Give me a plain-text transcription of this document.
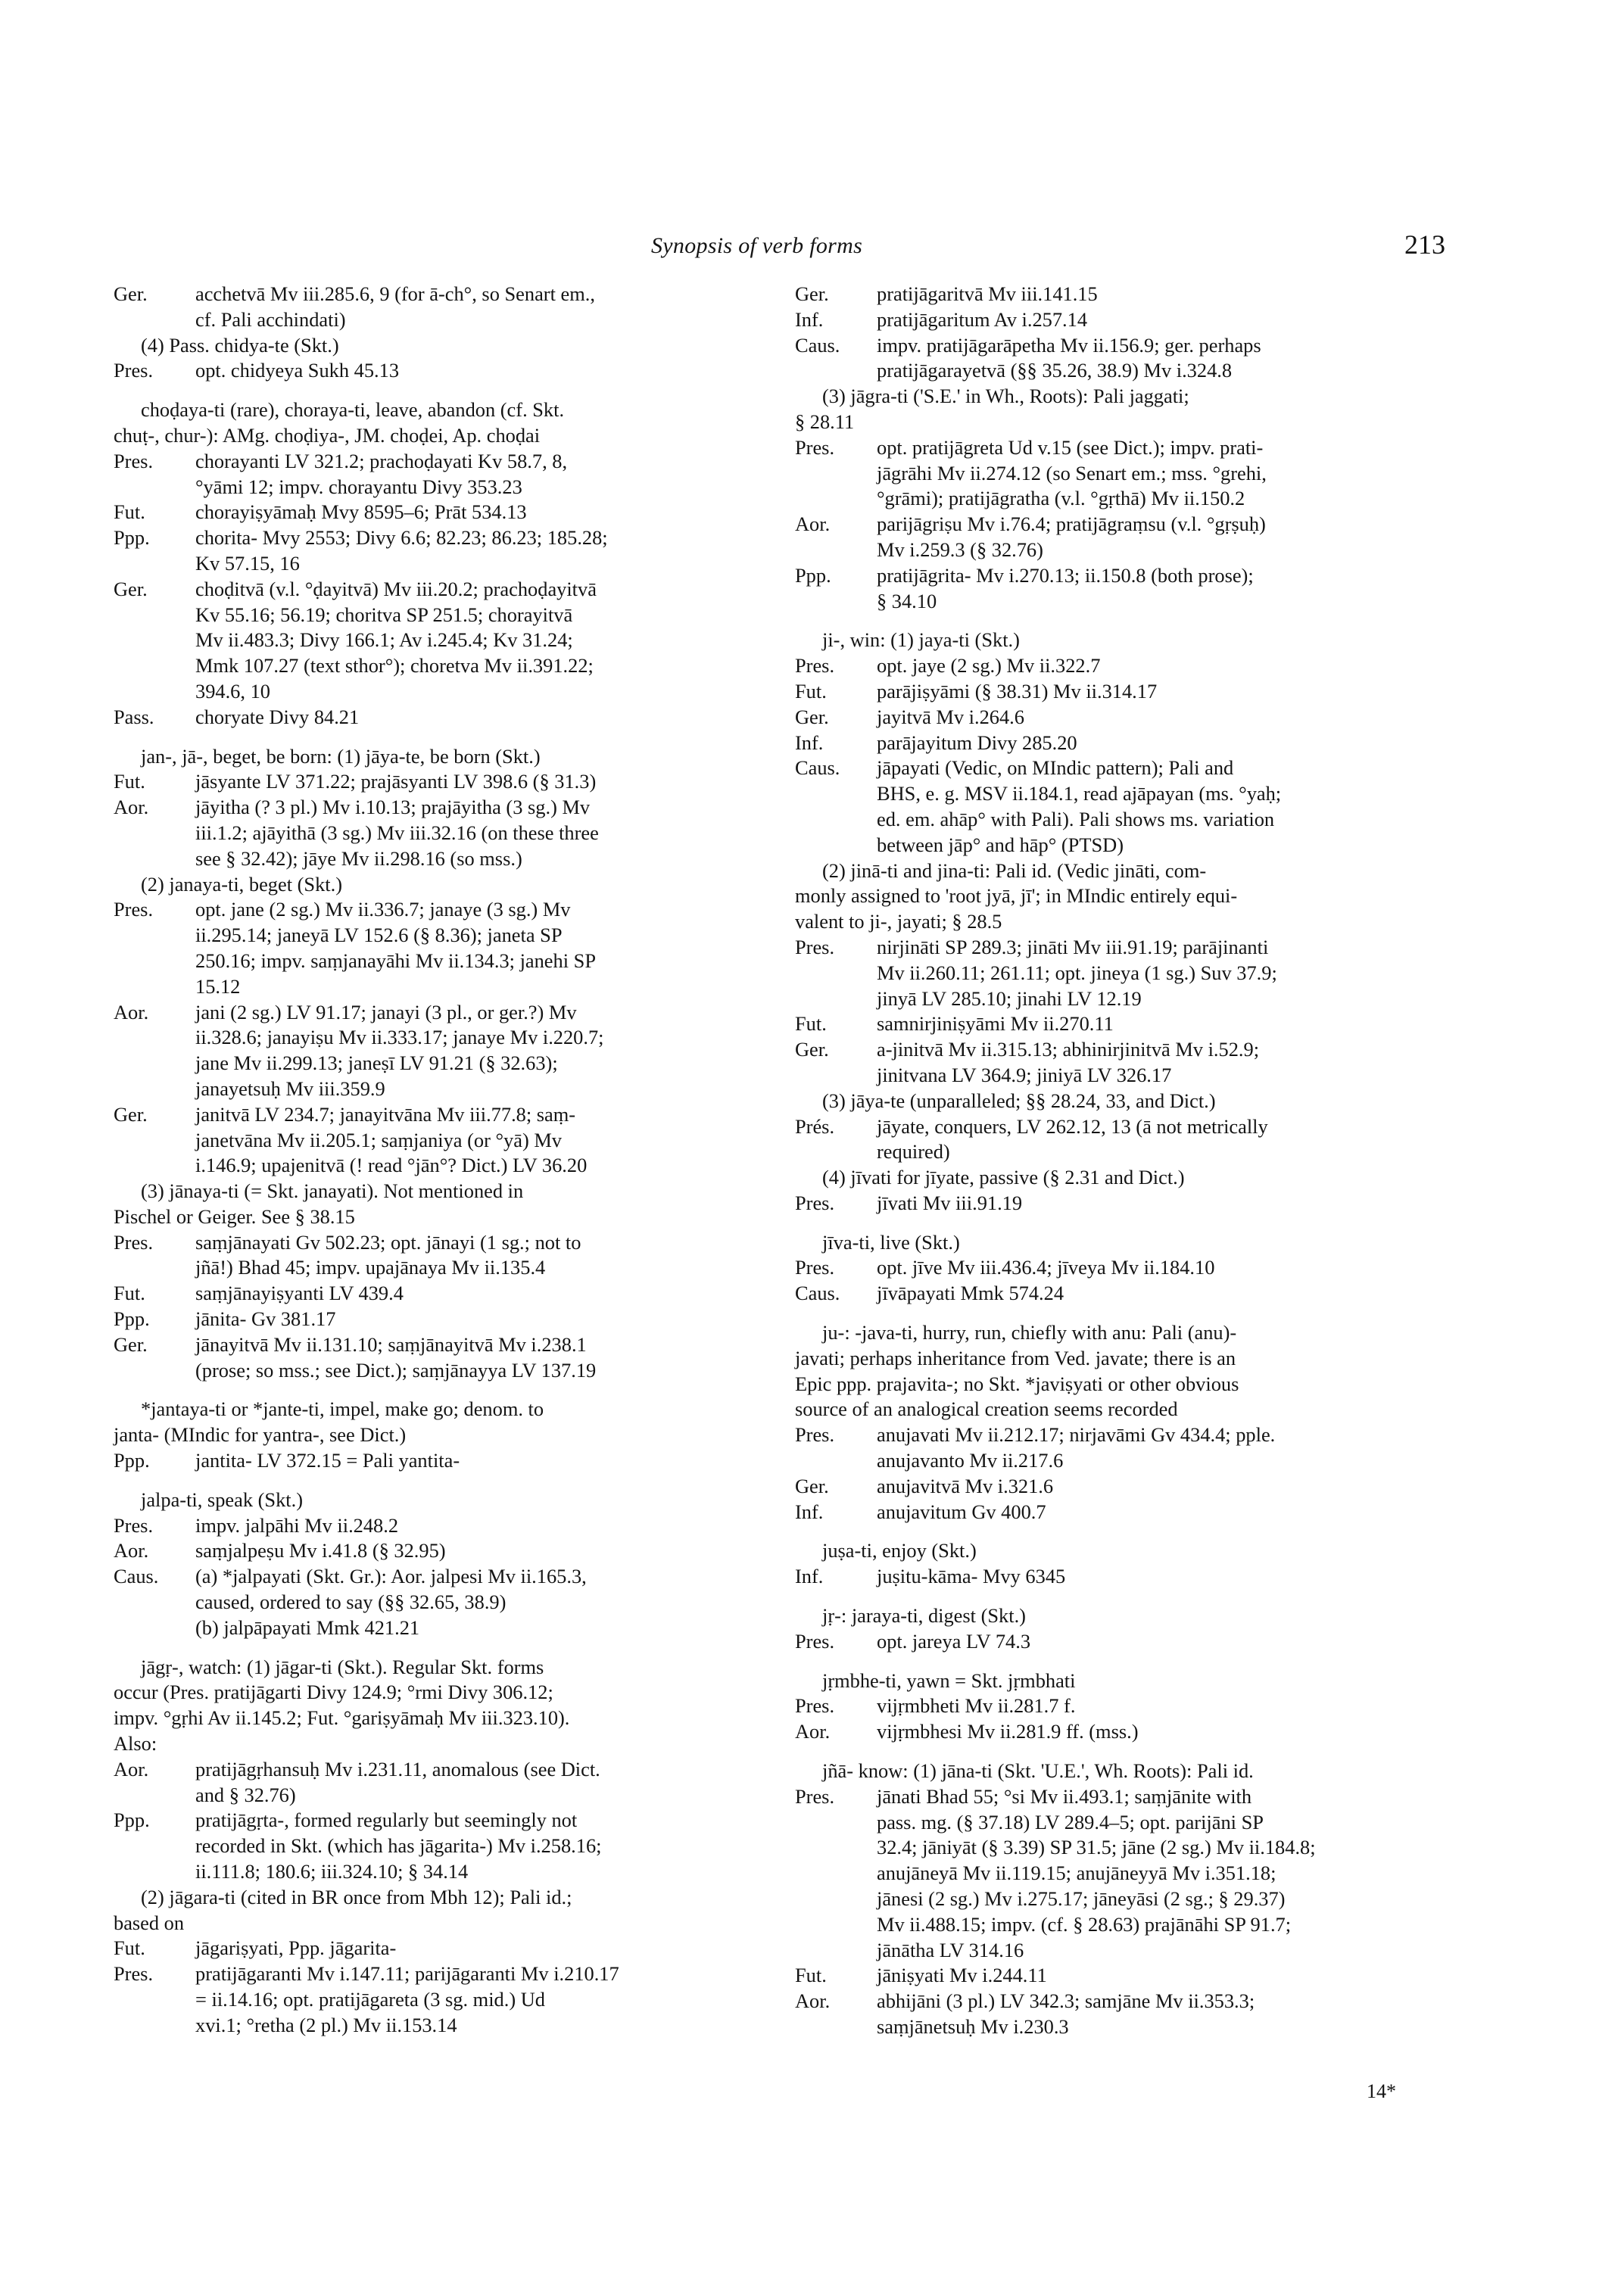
Synopsis of verb forms	213
Ger. acchetvā Mv iii.285.6, 9 (for ā-ch°, so Senart em.,
cf. Pali acchindati)
(4) Pass. chidya-te (Skt.)
Pres. opt. chidyeya Sukh 45.13
choḍaya-ti (rare), choraya-ti, leave, abandon (cf. Skt.
chuṭ-, chur-): AMg. choḍiya-, JM. choḍei, Ap. choḍai
Pres. chorayanti LV 321.2; prachoḍayati Kv 58.7, 8,
°yāmi 12; impv. chorayantu Divy 353.23
Fut.	chorayiṣyāmaḥ Mvy 8595–6; Prāt 534.13
Ppp. chorita- Mvy 2553; Divy 6.6; 82.23; 86.23; 185.28;
Kv 57.15, 16
Ger. choḍitvā (v.l. °ḍayitvā) Mv iii.20.2; prachoḍayitvā
Kv 55.16; 56.19; choritva SP 251.5; chorayitvā
Mv ii.483.3; Divy 166.1; Av i.245.4; Kv 31.24;
Mmk 107.27 (text sthor°); choretva Mv ii.391.22;
394.6, 10
Pass. choryate Divy 84.21
jan-, jā-, beget, be born: (1) jāya-te, be born (Skt.)
Fut.	jāsyante LV 371.22; prajāsyanti LV 398.6 (§ 31.3)
Aor. jāyitha (? 3 pl.) Mv i.10.13; prajāyitha (3 sg.) Mv
iii.1.2; ajāyithā (3 sg.) Mv iii.32.16 (on these three
see § 32.42); jāye Mv ii.298.16 (so mss.)
(2) janaya-ti, beget (Skt.)
Pres. opt. jane (2 sg.) Mv ii.336.7; janaye (3 sg.) Mv
ii.295.14; janeyā LV 152.6 (§ 8.36); janeta SP
250.16; impv. saṃjanayāhi Mv ii.134.3; janehi SP
15.12
Aor. jani (2 sg.) LV 91.17; janayi (3 pl., or ger.?) Mv
ii.328.6; janayiṣu Mv ii.333.17; janaye Mv i.220.7;
jane Mv ii.299.13; janeṣī LV 91.21 (§ 32.63);
janayetsuḥ Mv iii.359.9
Ger. janitvā LV 234.7; janayitvāna Mv iii.77.8; saṃ-
janetvāna Mv ii.205.1; saṃjaniya (or °yā) Mv
i.146.9; upajenitvā (! read °jān°? Dict.) LV 36.20
(3) jānaya-ti (= Skt. janayati). Not mentioned in
Pischel or Geiger. See § 38.15
Pres. saṃjānayati Gv 502.23; opt. jānayi (1 sg.; not to
jñā!) Bhad 45; impv. upajānaya Mv ii.135.4
Fut.	saṃjānayiṣyanti LV 439.4
Ppp. jānita- Gv 381.17
Ger. jānayitvā Mv ii.131.10; saṃjānayitvā Mv i.238.1
(prose; so mss.; see Dict.); saṃjānayya LV 137.19
*jantaya-ti or *jante-ti, impel, make go; denom. to
janta- (MIndic for yantra-, see Dict.)
Ppp. jantita- LV 372.15 = Pali yantita-
jalpa-ti, speak (Skt.)
Pres. impv. jalpāhi Mv ii.248.2
Aor. saṃjalpeṣu Mv i.41.8 (§ 32.95)
Caus. (a) *jalpayati (Skt. Gr.): Aor. jalpesi Mv ii.165.3,
caused, ordered to say (§§ 32.65, 38.9)
(b) jalpāpayati Mmk 421.21
jāgṛ-, watch: (1) jāgar-ti (Skt.). Regular Skt. forms
occur (Pres. pratijāgarti Divy 124.9; °rmi Divy 306.12;
impv. °gṛhi Av ii.145.2; Fut. °gariṣyāmaḥ Mv iii.323.10).
Also:
Aor. pratijāgṛhansuḥ Mv i.231.11, anomalous (see Dict.
and § 32.76)
Ppp. pratijāgṛta-, formed regularly but seemingly not
recorded in Skt. (which has jāgarita-) Mv i.258.16;
ii.111.8; 180.6; iii.324.10; § 34.14
(2) jāgara-ti (cited in BR once from Mbh 12); Pali id.;
based on
Fut.	jāgariṣyati, Ppp. jāgarita-
Pres. pratijāgaranti Mv i.147.11; parijāgaranti Mv i.210.17
= ii.14.16; opt. pratijāgareta (3 sg. mid.) Ud
xvi.1; °retha (2 pl.) Mv ii.153.14
Ger. pratijāgaritvā Mv iii.141.15
Inf.	pratijāgaritum Av i.257.14
Caus. impv. pratijāgarāpetha Mv ii.156.9; ger. perhaps
pratijāgarayetvā (§§ 35.26, 38.9) Mv i.324.8
(3) jāgra-ti ('S.E.' in Wh., Roots): Pali jaggati;
§ 28.11
Pres. opt. pratijāgreta Ud v.15 (see Dict.); impv. prati-
jāgrāhi Mv ii.274.12 (so Senart em.; mss. °grehi,
°grāmi); pratijāgratha (v.l. °gṛthā) Mv ii.150.2
Aor. parijāgriṣu Mv i.76.4; pratijāgraṃsu (v.l. °gṛṣuḥ)
Mv i.259.3 (§ 32.76)
Ppp. pratijāgrita- Mv i.270.13; ii.150.8 (both prose);
§ 34.10
ji-, win: (1) jaya-ti (Skt.)
Pres. opt. jaye (2 sg.) Mv ii.322.7
Fut.	parājiṣyāmi (§ 38.31) Mv ii.314.17
Ger. jayitvā Mv i.264.6
Inf.	parājayitum Divy 285.20
Caus. jāpayati (Vedic, on MIndic pattern); Pali and
BHS, e. g. MSV ii.184.1, read ajāpayan (ms. °yaḥ;
ed. em. ahāp° with Pali). Pali shows ms. variation
between jāp° and hāp° (PTSD)
(2) jinā-ti and jina-ti: Pali id. (Vedic jināti, com-
monly assigned to 'root jyā, jī'; in MIndic entirely equi-
valent to ji-, jayati; § 28.5
Pres. nirjināti SP 289.3; jināti Mv iii.91.19; parājinanti
Mv ii.260.11; 261.11; opt. jineya (1 sg.) Suv 37.9;
jinyā LV 285.10; jinahi LV 12.19
Fut.	samnirjiniṣyāmi Mv ii.270.11
Ger. a-jinitvā Mv ii.315.13; abhinirjinitvā Mv i.52.9;
jinitvana LV 364.9; jiniyā LV 326.17
(3) jāya-te (unparalleled; §§ 28.24, 33, and Dict.)
Prés. jāyate, conquers, LV 262.12, 13 (ā not metrically
required)
(4) jīvati for jīyate, passive (§ 2.31 and Dict.)
Pres. jīvati Mv iii.91.19
jīva-ti, live (Skt.)
Pres. opt. jīve Mv iii.436.4; jīveya Mv ii.184.10
Caus. jīvāpayati Mmk 574.24
ju-: -java-ti, hurry, run, chiefly with anu: Pali (anu)-
javati; perhaps inheritance from Ved. javate; there is an
Epic ppp. prajavita-; no Skt. *javiṣyati or other obvious
source of an analogical creation seems recorded
Pres. anujavati Mv ii.212.17; nirjavāmi Gv 434.4; pple.
anujavanto Mv ii.217.6
Ger. anujavitvā Mv i.321.6
Inf.	anujavitum Gv 400.7
juṣa-ti, enjoy (Skt.)
Inf.	juṣitu-kāma- Mvy 6345
jṛ-: jaraya-ti, digest (Skt.)
Pres. opt. jareya LV 74.3
jṛmbhe-ti, yawn = Skt. jṛmbhati
Pres. vijṛmbheti Mv ii.281.7 f.
Aor. vijṛmbhesi Mv ii.281.9 ff. (mss.)
jñā- know: (1) jāna-ti (Skt. 'U.E.', Wh. Roots): Pali id.
Pres. jānati Bhad 55; °si Mv ii.493.1; saṃjānite with
pass. mg. (§ 37.18) LV 289.4–5; opt. parijāni SP
32.4; jāniyāt (§ 3.39) SP 31.5; jāne (2 sg.) Mv ii.184.8;
anujāneyā Mv ii.119.15; anujāneyyā Mv i.351.18;
jānesi (2 sg.) Mv i.275.17; jāneyāsi (2 sg.; § 29.37)
Mv ii.488.15; impv. (cf. § 28.63) prajānāhi SP 91.7;
jānātha LV 314.16
Fut.	jāniṣyati Mv i.244.11
Aor. abhijāni (3 pl.) LV 342.3; samjāne Mv ii.353.3;
saṃjānetsuḥ Mv i.230.3
14*
